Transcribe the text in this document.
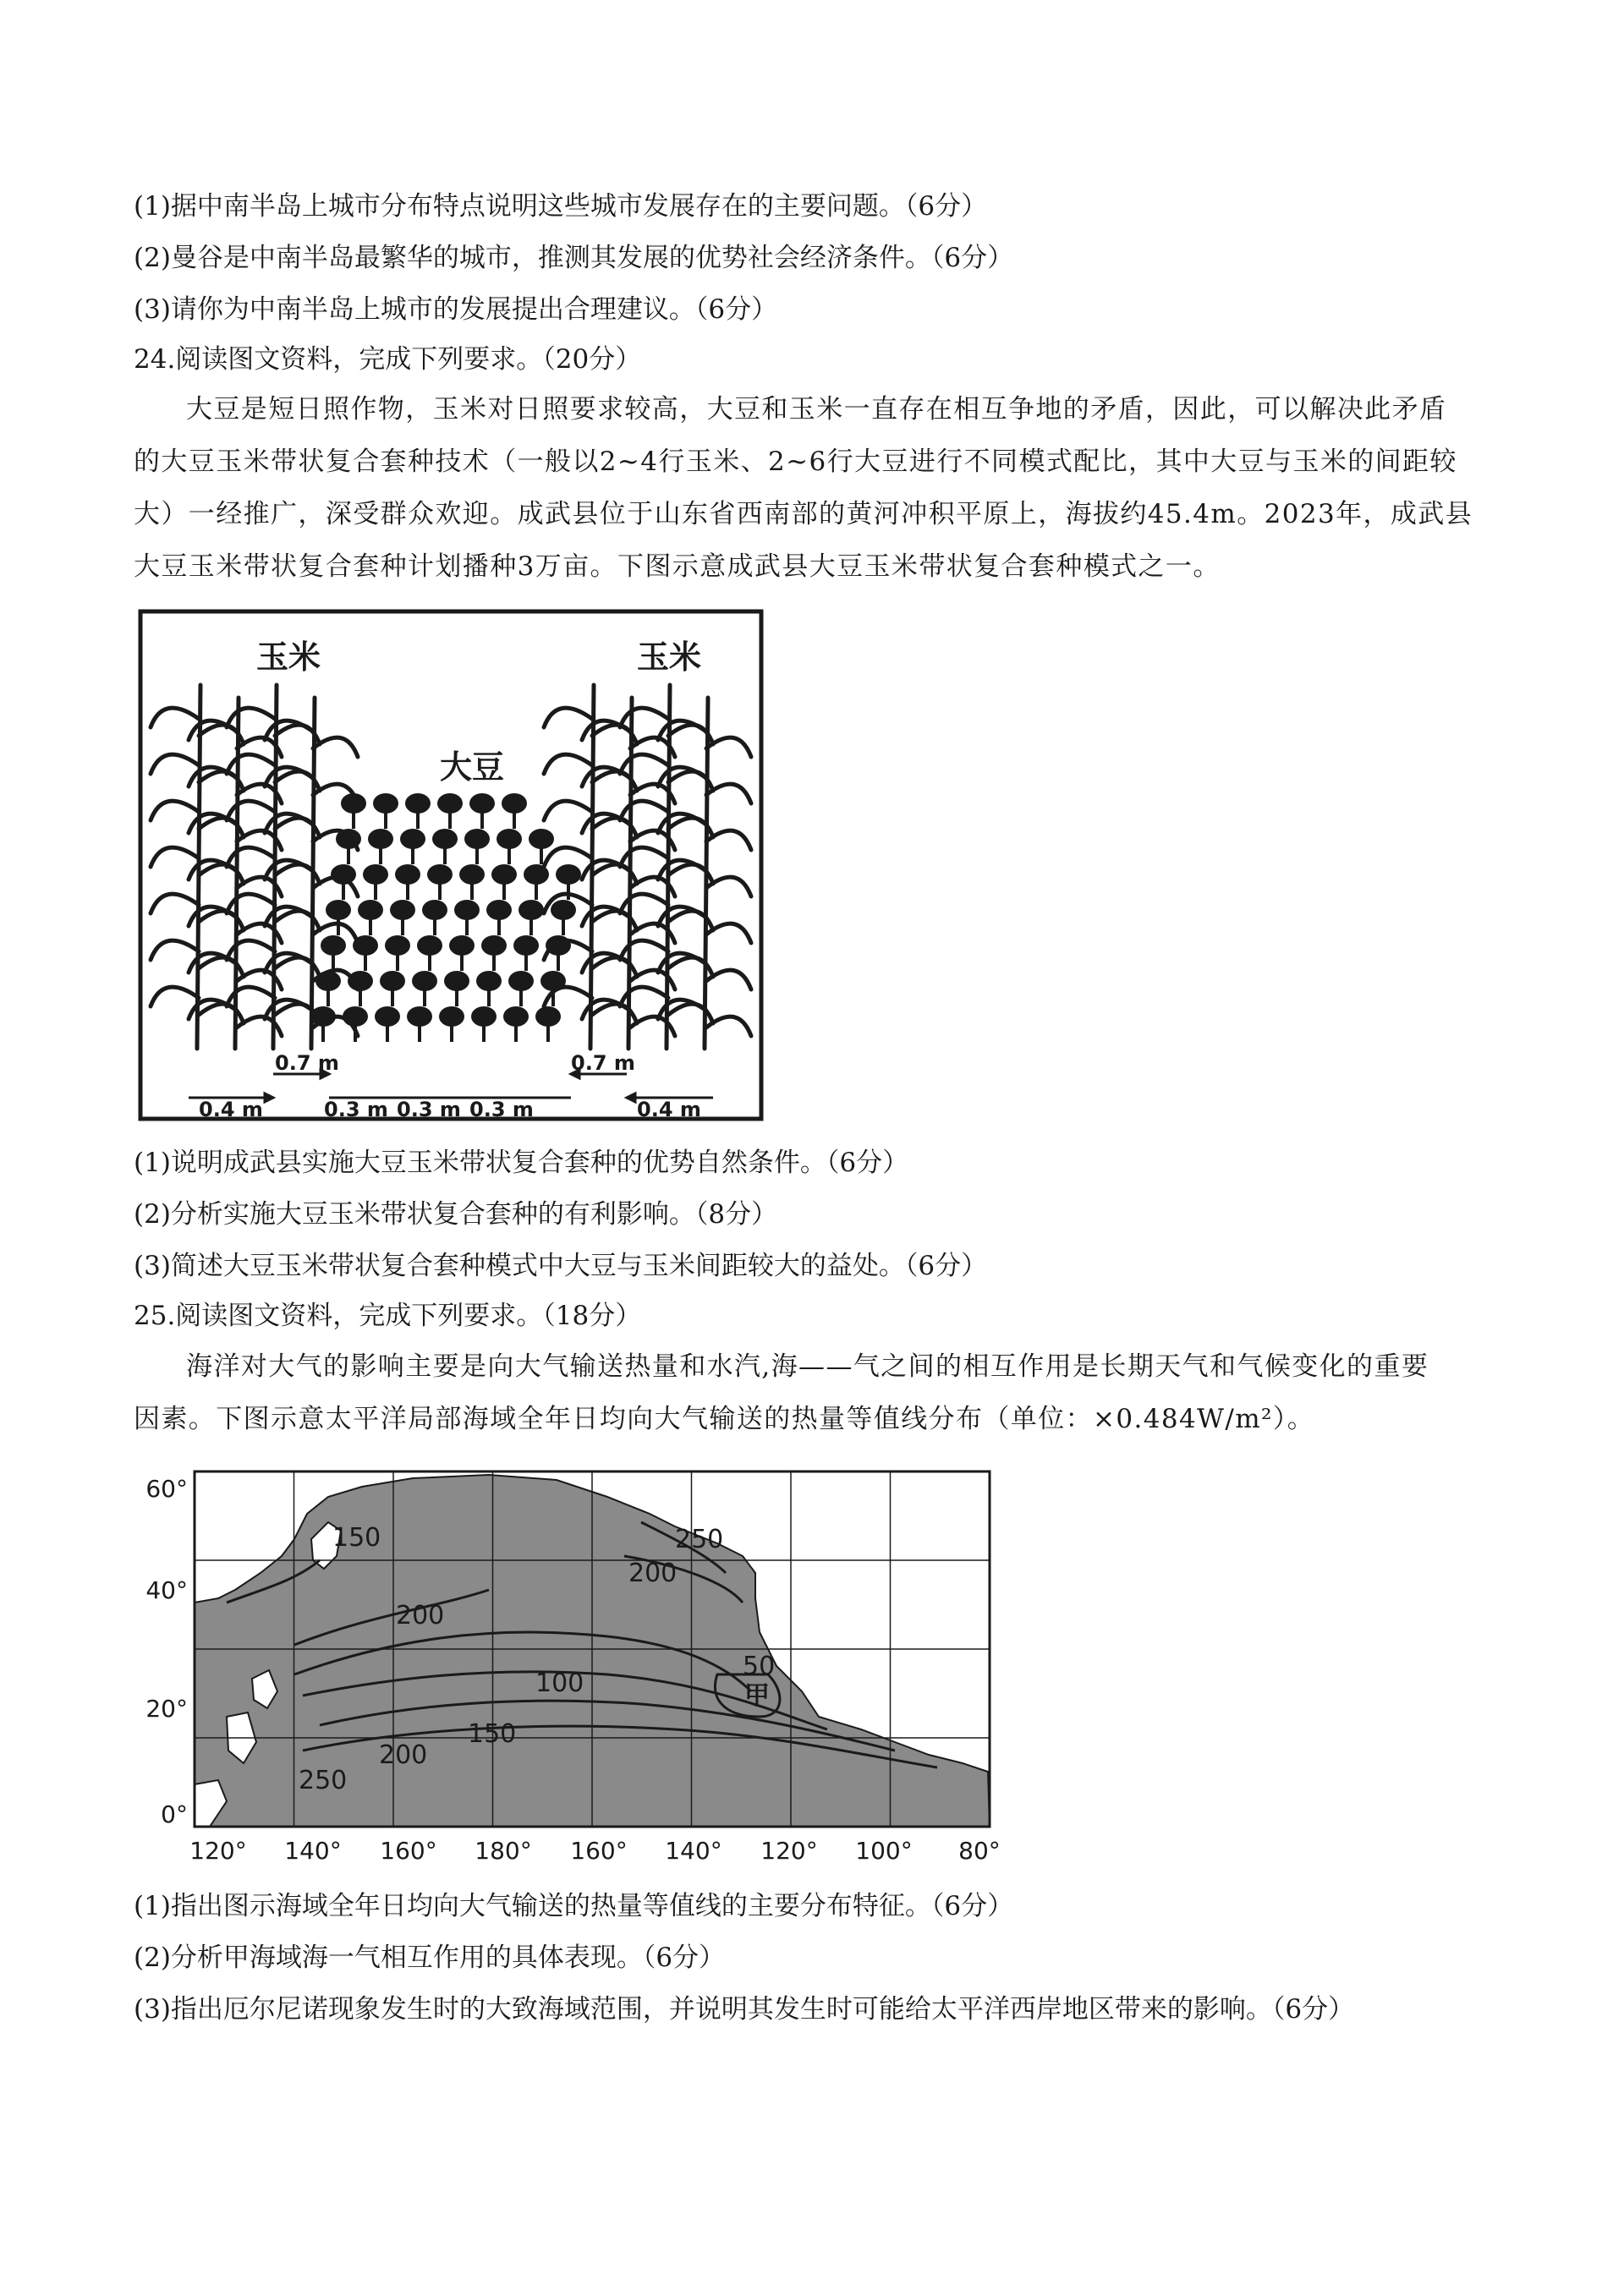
(1)据中南半岛上城市分布特点说明这些城市发展存在的主要问题。（6分）
(2)曼谷是中南半岛最繁华的城市，推测其发展的优势社会经济条件。（6分）
(3)请你为中南半岛上城市的发展提出合理建议。（6分）
24.阅读图文资料，完成下列要求。（20分）
大豆是短日照作物，玉米对日照要求较高，大豆和玉米一直存在相互争地的矛盾，因此，可以解决此矛盾
的大豆玉米带状复合套种技术（一般以2~4行玉米、2~6行大豆进行不同模式配比，其中大豆与玉米的间距较
大）一经推广，深受群众欢迎。成武县位于山东省西南部的黄河冲积平原上，海拔约45.4m。2023年，成武县
大豆玉米带状复合套种计划播种3万亩。下图示意成武县大豆玉米带状复合套种模式之一。
玉米	玉米
大豆
0.7 m	0.7 m
0.4 m	0.3 m 0.3 m 0.3 m	0.4 m
(1)说明成武县实施大豆玉米带状复合套种的优势自然条件。（6分）
(2)分析实施大豆玉米带状复合套种的有利影响。（8分）
(3)简述大豆玉米带状复合套种模式中大豆与玉米间距较大的益处。（6分）
25.阅读图文资料，完成下列要求。（18分）
海洋对大气的影响主要是向大气输送热量和水汽,海——气之间的相互作用是长期天气和气候变化的重要
因素。下图示意太平洋局部海域全年日均向大气输送的热量等值线分布（单位：×0.484W/m²）。
150
200
250
200
100
50
150
200
250
甲
60°
40°
20°
0°
120° 140° 160° 180° 160° 140° 120° 100° 80°
(1)指出图示海域全年日均向大气输送的热量等值线的主要分布特征。（6分）
(2)分析甲海域海一气相互作用的具体表现。（6分）
(3)指出厄尔尼诺现象发生时的大致海域范围，并说明其发生时可能给太平洋西岸地区带来的影响。（6分）
